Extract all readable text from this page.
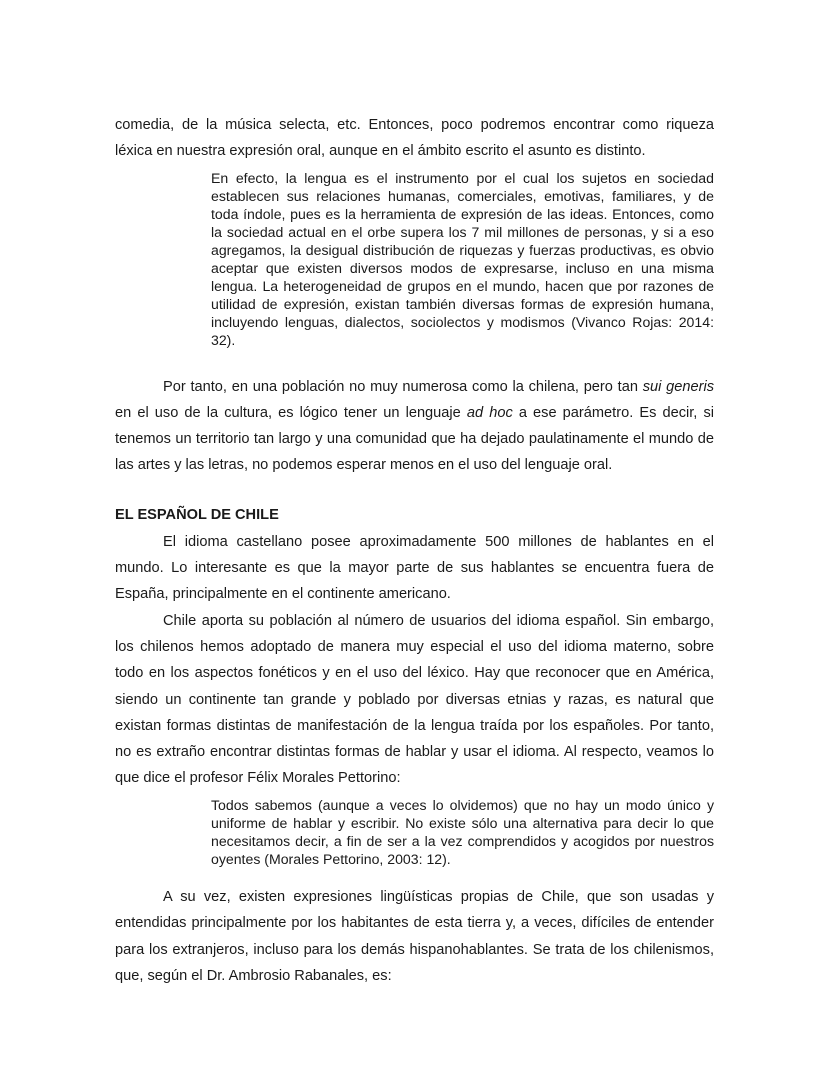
comedia, de la música selecta, etc. Entonces, poco podremos encontrar como riqueza léxica en nuestra expresión oral, aunque en el ámbito escrito el asunto es distinto.

En efecto, la lengua es el instrumento por el cual los sujetos en sociedad establecen sus relaciones humanas, comerciales, emotivas, familiares, y de toda índole, pues es la herramienta de expresión de las ideas. Entonces, como la sociedad actual en el orbe supera los 7 mil millones de personas, y si a eso agregamos, la desigual distribución de riquezas y fuerzas productivas, es obvio aceptar que existen diversos modos de expresarse, incluso en una misma lengua. La heterogeneidad de grupos en el mundo, hacen que por razones de utilidad de expresión, existan también diversas formas de expresión humana, incluyendo lenguas, dialectos, sociolectos y modismos (Vivanco Rojas: 2014: 32).

Por tanto, en una población no muy numerosa como la chilena, pero tan sui generis en el uso de la cultura, es lógico tener un lenguaje ad hoc a ese parámetro. Es decir, si tenemos un territorio tan largo y una comunidad que ha dejado paulatinamente el mundo de las artes y las letras, no podemos esperar menos en el uso del lenguaje oral.

EL ESPAÑOL DE CHILE

El idioma castellano posee aproximadamente 500 millones de hablantes en el mundo. Lo interesante es que la mayor parte de sus hablantes se encuentra fuera de España, principalmente en el continente americano.

Chile aporta su población al número de usuarios del idioma español. Sin embargo, los chilenos hemos adoptado de manera muy especial el uso del idioma materno, sobre todo en los aspectos fonéticos y en el uso del léxico. Hay que reconocer que en América, siendo un continente tan grande y poblado por diversas etnias y razas, es natural que existan formas distintas de manifestación de la lengua traída por los españoles. Por tanto, no es extraño encontrar distintas formas de hablar y usar el idioma. Al respecto, veamos lo que dice el profesor Félix Morales Pettorino:

Todos sabemos (aunque a veces lo olvidemos) que no hay un modo único y uniforme de hablar y escribir. No existe sólo una alternativa para decir lo que necesitamos decir, a fin de ser a la vez comprendidos y acogidos por nuestros oyentes (Morales Pettorino, 2003: 12).

A su vez, existen expresiones lingüísticas propias de Chile, que son usadas y entendidas principalmente por los habitantes de esta tierra y, a veces, difíciles de entender para los extranjeros, incluso para los demás hispanohablantes. Se trata de los chilenismos, que, según el Dr. Ambrosio Rabanales, es:
